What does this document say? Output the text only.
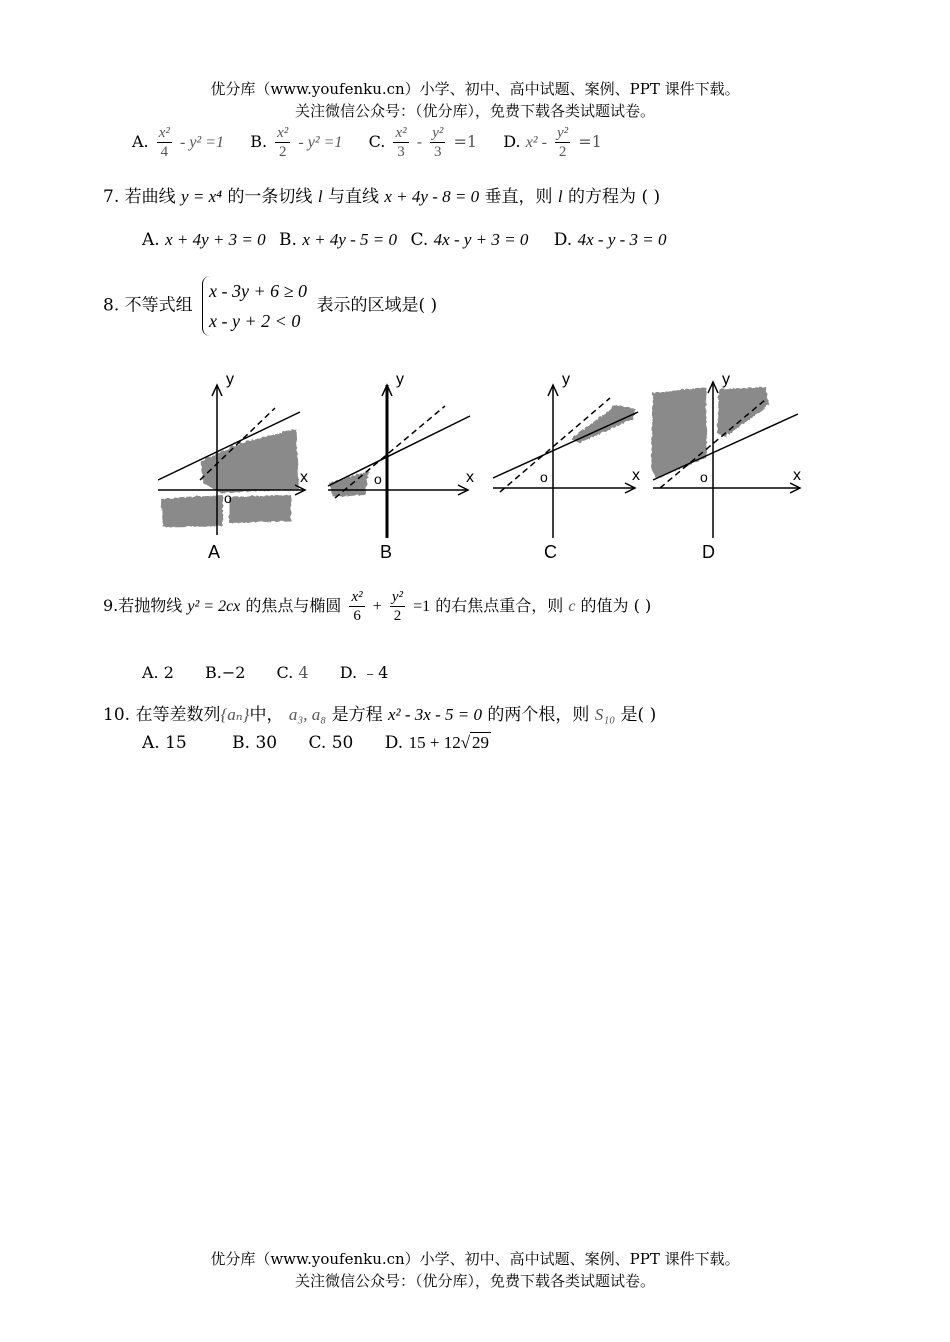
优分库（www.youfenku.cn）小学、初中、高中试题、案例、PPT 课件下载。
关注微信公众号：（优分库），免费下载各类试题试卷。
A. $\frac{\text{x²}}{4} - y^2 =1$ B. $\frac{\text{x²}}{2} - y^2 =1$ C. $\frac{\text{x²}}{3} - \frac{\text{y²}}{3} =1$ D. $x^2 - \frac{\text{y²}}{2} =1$
7. 若曲线 y = x⁴ 的一条切线 l 与直线 x + 4y - 8 = 0 垂直，则 l 的方程为 ( )
A. x + 4y + 3 = 0 B. x + 4y - 5 = 0 C. 4x - y + 3 = 0 D. 4x - y - 3 = 0
8. 不等式组
x - 3y + 6 ≥ 0
x - y + 2 < 0
表示的区域是( )
y
x
o
A
y
x
o
B
y
x
o
C
y
x
o
D
9.若抛物线 y² = 2cx 的焦点与椭圆 $\frac{\text{x²}}{6} + \frac{\text{y²}}{2} =1$ 的右焦点重合，则 c 的值为 ( )
A. 2 B.−2 C. 4 D. ﹣4
10. 在等差数列{aₙ}中， a₃, a₈ 是方程 x² - 3x - 5 = 0 的两个根，则 S₁₀ 是( )
A. 15	B. 30 C. 50 D. 15 + 12√ 29
优分库（www.youfenku.cn）小学、初中、高中试题、案例、PPT 课件下载。
关注微信公众号：（优分库），免费下载各类试题试卷。
